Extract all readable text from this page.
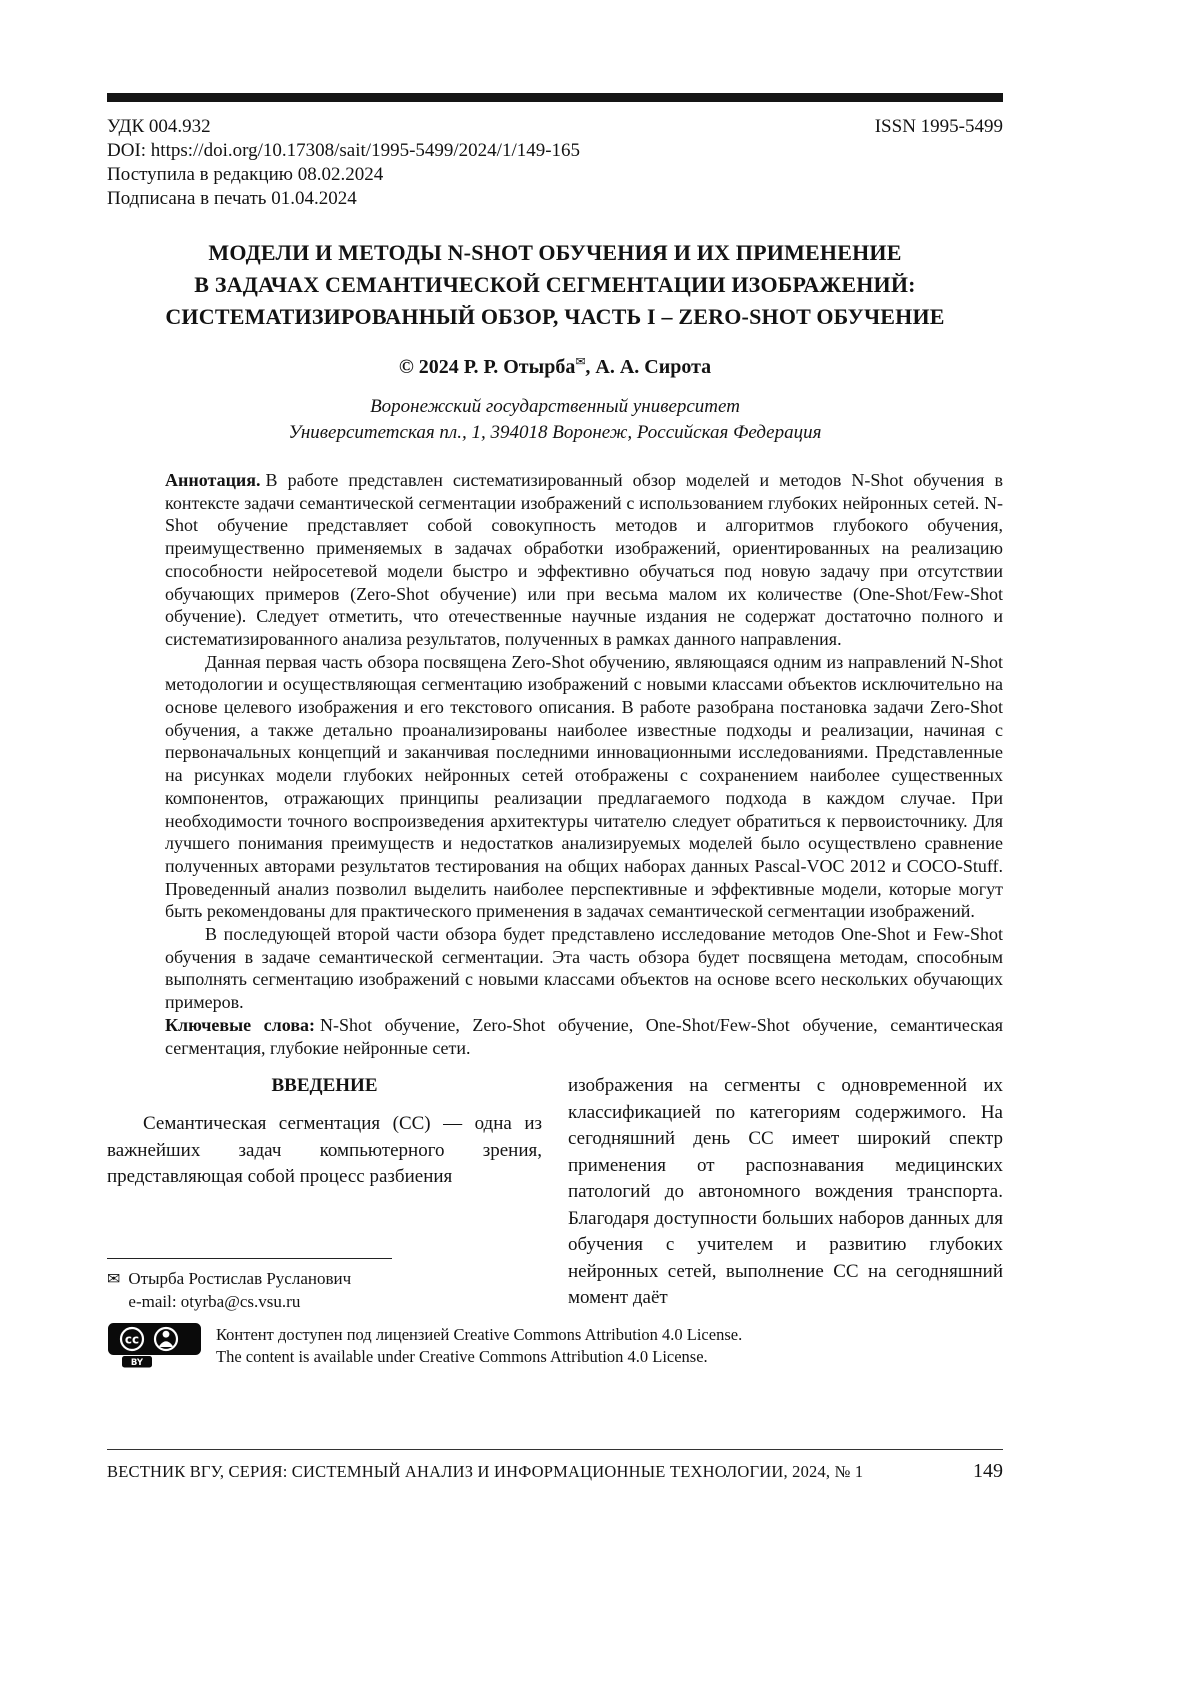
УДК 004.932	ISSN 1995-5499
DOI: https://doi.org/10.17308/sait/1995-5499/2024/1/149-165
Поступила в редакцию 08.02.2024
Подписана в печать 01.04.2024
МОДЕЛИ И МЕТОДЫ N-SHOT ОБУЧЕНИЯ И ИХ ПРИМЕНЕНИЕ
В ЗАДАЧАХ СЕМАНТИЧЕСКОЙ СЕГМЕНТАЦИИ ИЗОБРАЖЕНИЙ:
СИСТЕМАТИЗИРОВАННЫЙ ОБЗОР, ЧАСТЬ I – ZERO-SHOT ОБУЧЕНИЕ
© 2024 Р. Р. Отырба✉, А. А. Сирота
Воронежский государственный университет
Университетская пл., 1, 394018 Воронеж, Российская Федерация

Аннотация. В работе представлен систематизированный обзор моделей и методов N-Shot обучения в контексте задачи семантической сегментации изображений с использованием глубоких нейронных сетей. N-Shot обучение представляет собой совокупность методов и алгоритмов глубокого обучения, преимущественно применяемых в задачах обработки изображений, ориентированных на реализацию способности нейросетевой модели быстро и эффективно обучаться под новую задачу при отсутствии обучающих примеров (Zero-Shot обучение) или при весьма малом их количестве (One-Shot/Few-Shot обучение). Следует отметить, что отечественные научные издания не содержат достаточно полного и систематизированного анализа результатов, полученных в рамках данного направления.

Данная первая часть обзора посвящена Zero-Shot обучению, являющаяся одним из направлений N-Shot методологии и осуществляющая сегментацию изображений с новыми классами объектов исключительно на основе целевого изображения и его текстового описания. В работе разобрана постановка задачи Zero-Shot обучения, а также детально проанализированы наиболее известные подходы и реализации, начиная с первоначальных концепций и заканчивая последними инновационными исследованиями. Представленные на рисунках модели глубоких нейронных сетей отображены с сохранением наиболее существенных компонентов, отражающих принципы реализации предлагаемого подхода в каждом случае. При необходимости точного воспроизведения архитектуры читателю следует обратиться к первоисточнику. Для лучшего понимания преимуществ и недостатков анализируемых моделей было осуществлено сравнение полученных авторами результатов тестирования на общих наборах данных Pascal-VOC 2012 и COCO-Stuff. Проведенный анализ позволил выделить наиболее перспективные и эффективные модели, которые могут быть рекомендованы для практического применения в задачах семантической сегментации изображений.

В последующей второй части обзора будет представлено исследование методов One-Shot и Few-Shot обучения в задаче семантической сегментации. Эта часть обзора будет посвящена методам, способным выполнять сегментацию изображений с новыми классами объектов на основе всего нескольких обучающих примеров.

Ключевые слова: N-Shot обучение, Zero-Shot обучение, One-Shot/Few-Shot обучение, семантическая сегментация, глубокие нейронные сети.

ВВЕДЕНИЕ

Семантическая сегментация (СС) — одна из важнейших задач компьютерного зрения, представляющая собой процесс разбиения

✉ Отырба Ростислав Русланович
e-mail: otyrba@cs.vsu.ru

изображения на сегменты с одновременной их классификацией по категориям содержимого. На сегодняшний день СС имеет широкий спектр применения от распознавания медицинских патологий до автономного вождения транспорта. Благодаря доступности больших наборов данных для обучения с учителем и развитию глубоких нейронных сетей, выполнение СС на сегодняшний момент даёт

cc
BY
Контент доступен под лицензией Creative Commons Attribution 4.0 License.
The content is available under Creative Commons Attribution 4.0 License.
ВЕСТНИК ВГУ, СЕРИЯ: СИСТЕМНЫЙ АНАЛИЗ И ИНФОРМАЦИОННЫЕ ТЕХНОЛОГИИ, 2024, № 1	149
